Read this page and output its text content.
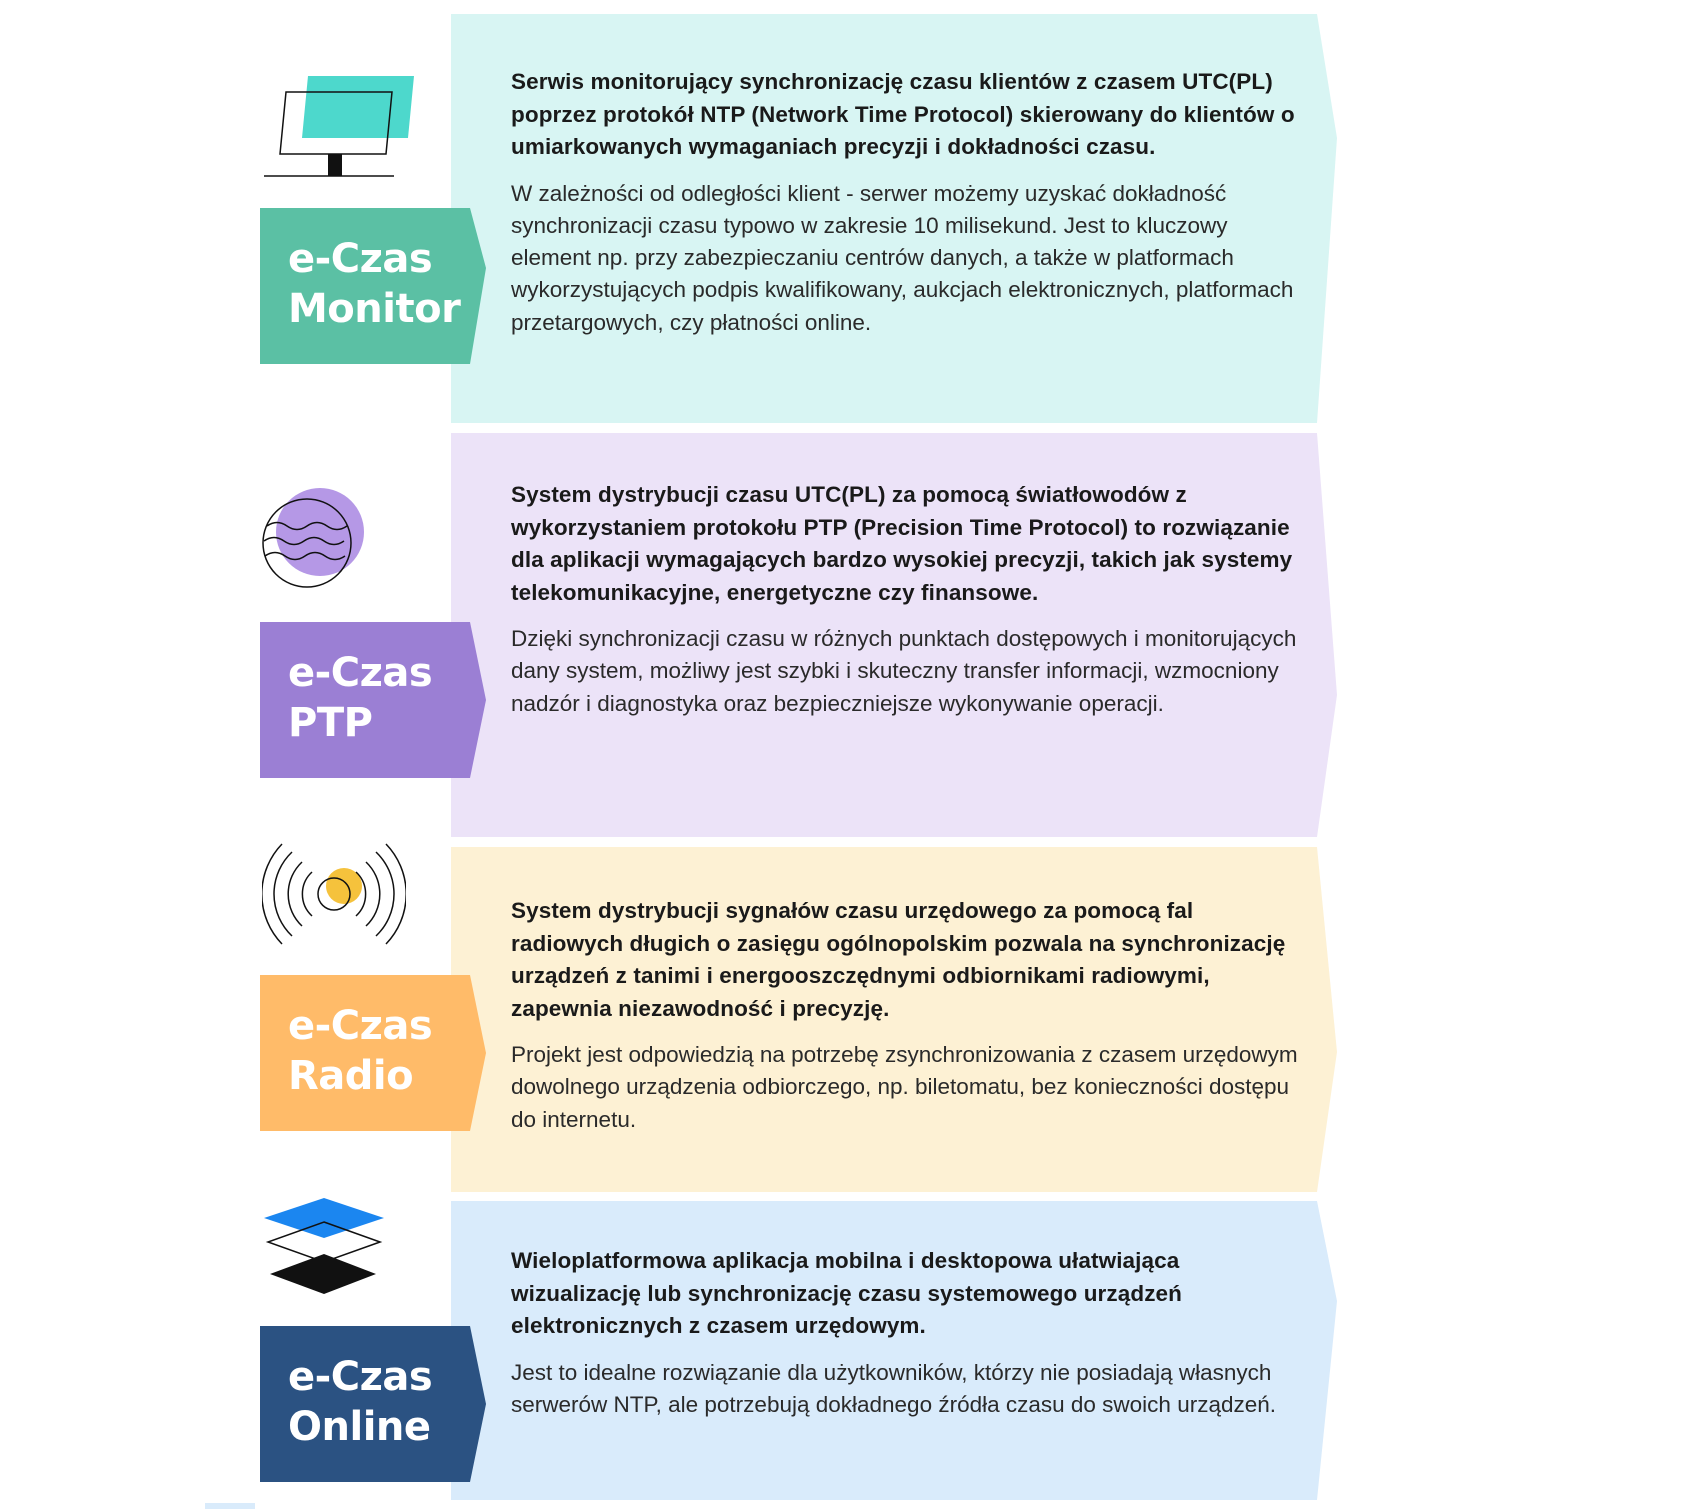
Serwis monitorujący synchronizację czasu klientów z czasem UTC(PL) poprzez protokół NTP (Network Time Protocol) skierowany do klientów o umiarkowanych wymaganiach precyzji i dokładności czasu.

W zależności od odległości klient - serwer możemy uzyskać dokładność synchronizacji czasu typowo w zakresie 10 milisekund. Jest to kluczowy element np. przy zabezpieczaniu centrów danych, a także w platformach wykorzystujących podpis kwalifikowany, aukcjach elektronicznych, platformach przetargowych, czy płatności online.

System dystrybucji czasu UTC(PL) za pomocą światłowodów z wykorzystaniem protokołu PTP (Precision Time Protocol) to rozwiązanie dla aplikacji wymagających bardzo wysokiej precyzji, takich jak systemy telekomunikacyjne, energetyczne czy finansowe.

Dzięki synchronizacji czasu w różnych punktach dostępowych i monitorujących dany system, możliwy jest szybki i skuteczny transfer informacji, wzmocniony nadzór i diagnostyka oraz bezpieczniejsze wykonywanie operacji.

System dystrybucji sygnałów czasu urzędowego za pomocą fal radiowych długich o zasięgu ogólnopolskim pozwala na synchronizację urządzeń z tanimi i energooszczędnymi odbiornikami radiowymi, zapewnia niezawodność i precyzję.

Projekt jest odpowiedzią na potrzebę zsynchronizowania z czasem urzędowym dowolnego urządzenia odbiorczego, np. biletomatu, bez konieczności dostępu do internetu.

Wieloplatformowa aplikacja mobilna i desktopowa ułatwiająca wizualizację lub synchronizację czasu systemowego urządzeń elektronicznych z czasem urzędowym.

Jest to idealne rozwiązanie dla użytkowników, którzy nie posiadają własnych serwerów NTP, ale potrzebują dokładnego źródła czasu do swoich urządzeń.

e-Czas
Monitor
e-Czas
PTP
e-Czas
Radio
e-Czas
Online
